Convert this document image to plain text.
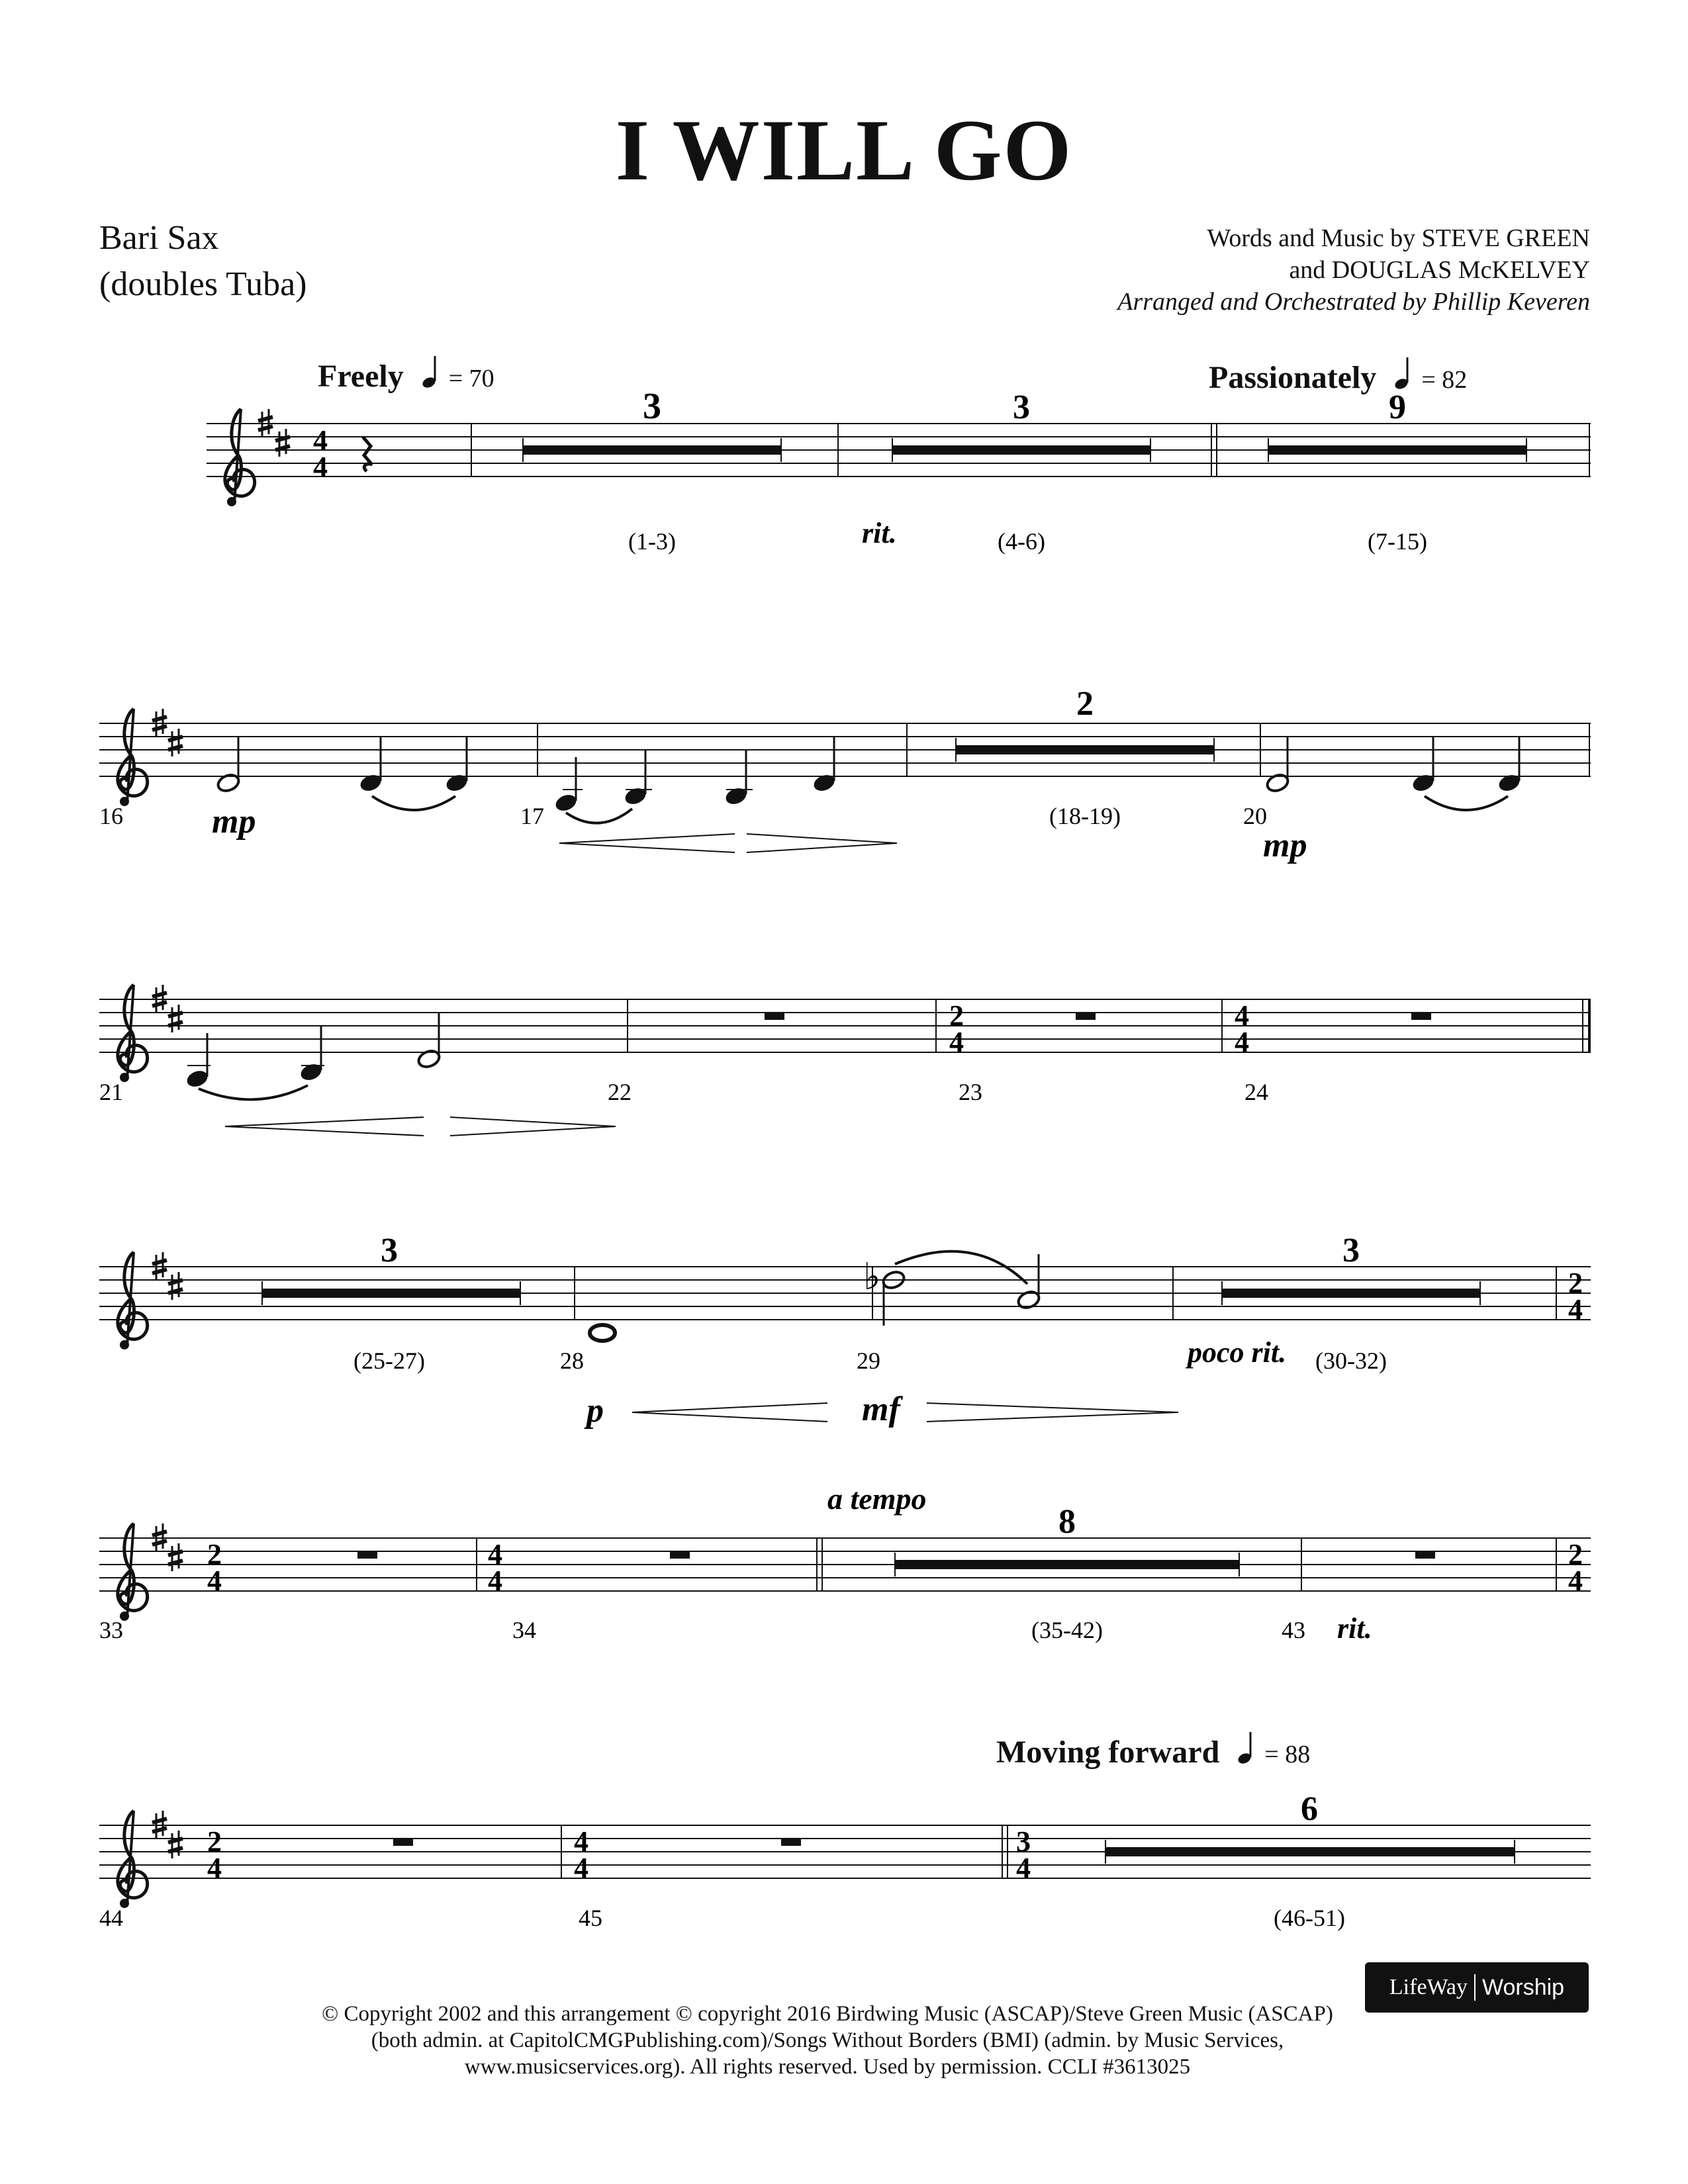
I WILL GO
Bari Sax
(doubles Tuba)
Words and Music by STEVE GREEN
and DOUGLAS McKELVEY
Arranged and Orchestrated by Phillip Keveren
Freely = 70	Passionately = 82
Moving forward = 88
4
4
3
(1-3)
3
(4-6)
rit.
9
(7-15)
16	mp	17
2
(18-19)	20
mp
21	22
2
4
23
4
4
24
3
(25-27)	28
♭
29
3
(30-32)
poco rit.
2
4
p	mf
2
4
33
4
4
34
8
(35-42)
a tempo
43 rit.
2
4
2
4
44
4
4
45
3
4
6
(46-51)
© Copyright 2002 and this arrangement © copyright 2016 Birdwing Music (ASCAP)/Steve Green Music (ASCAP)
(both admin. at CapitolCMGPublishing.com)/Songs Without Borders (BMI) (admin. by Music Services,
www.musicservices.org). All rights reserved. Used by permission. CCLI #3613025
LifeWay Worship
